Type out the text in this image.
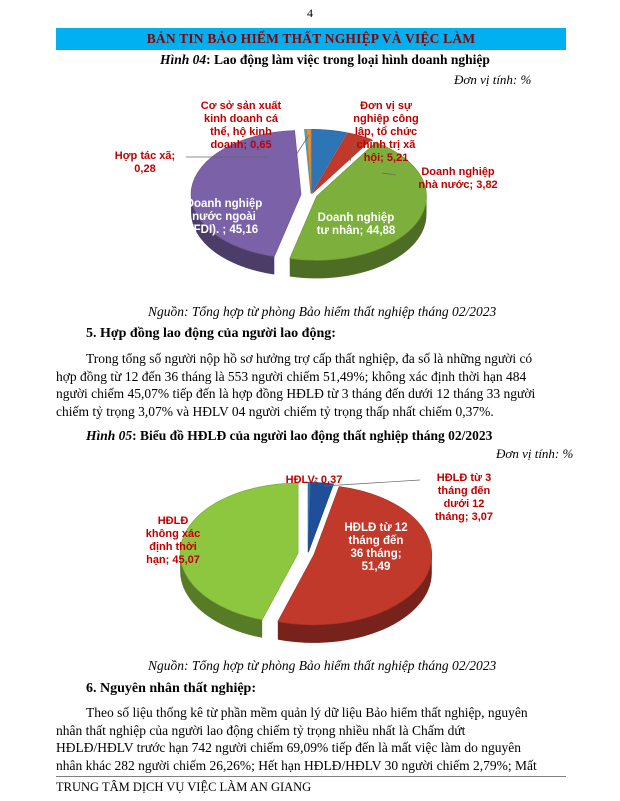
4
BẢN TIN BẢO HIỂM THẤT NGHIỆP VÀ VIỆC LÀM
Hình 04: Lao động làm việc trong loại hình doanh nghiệp
Đơn vị tính: %
Cơ sở sản xuất
kinh doanh cá
thể, hộ kinh
doanh; 0,65
Đơn vị sự
nghiệp công
lập, tổ chức
chính trị xã
hội; 5,21
Hợp tác xã;
0,28	Doanh nghiệp
nhà nước; 3,82
Doanh nghiệp
nước ngoài
(FDI). ; 45,16
Doanh nghiệp
tư nhân; 44,88
Nguồn: Tổng hợp từ phòng Bảo hiểm thất nghiệp tháng 02/2023
5. Hợp đồng lao động của người lao động:
Trong tổng số người nộp hồ sơ hưởng trợ cấp thất nghiệp, đa số là những người có
hợp đồng từ 12 đến 36 tháng là 553 người chiếm 51,49%; không xác định thời hạn 484
người chiếm 45,07% tiếp đến là hợp đồng HĐLĐ từ 3 tháng đến dưới 12 tháng 33 người
chiếm tỷ trọng 3,07% và HĐLV 04 người chiếm tỷ trọng thấp nhất chiếm 0,37%.
Hình 05: Biểu đồ HĐLĐ của người lao động thất nghiệp tháng 02/2023
Đơn vị tính: %
HĐLV; 0,37	HĐLĐ từ 3
tháng đến
dưới 12
tháng; 3,07
HĐLĐ từ 12
tháng đến
36 tháng;
51,49
HĐLĐ
không xác
định thời
hạn; 45,07
Nguồn: Tổng hợp từ phòng Bảo hiểm thất nghiệp tháng 02/2023
6. Nguyên nhân thất nghiệp:
Theo số liệu thống kê từ phần mềm quản lý dữ liệu Bảo hiểm thất nghiệp, nguyên
nhân thất nghiệp của người lao động chiếm tỷ trọng nhiều nhất là Chấm dứt
HĐLĐ/HĐLV trước hạn 742 người chiếm 69,09% tiếp đến là mất việc làm do nguyên
nhân khác 282 người chiếm 26,26%; Hết hạn HĐLĐ/HĐLV 30 người chiếm 2,79%; Mất
TRUNG TÂM DỊCH VỤ VIỆC LÀM AN GIANG
